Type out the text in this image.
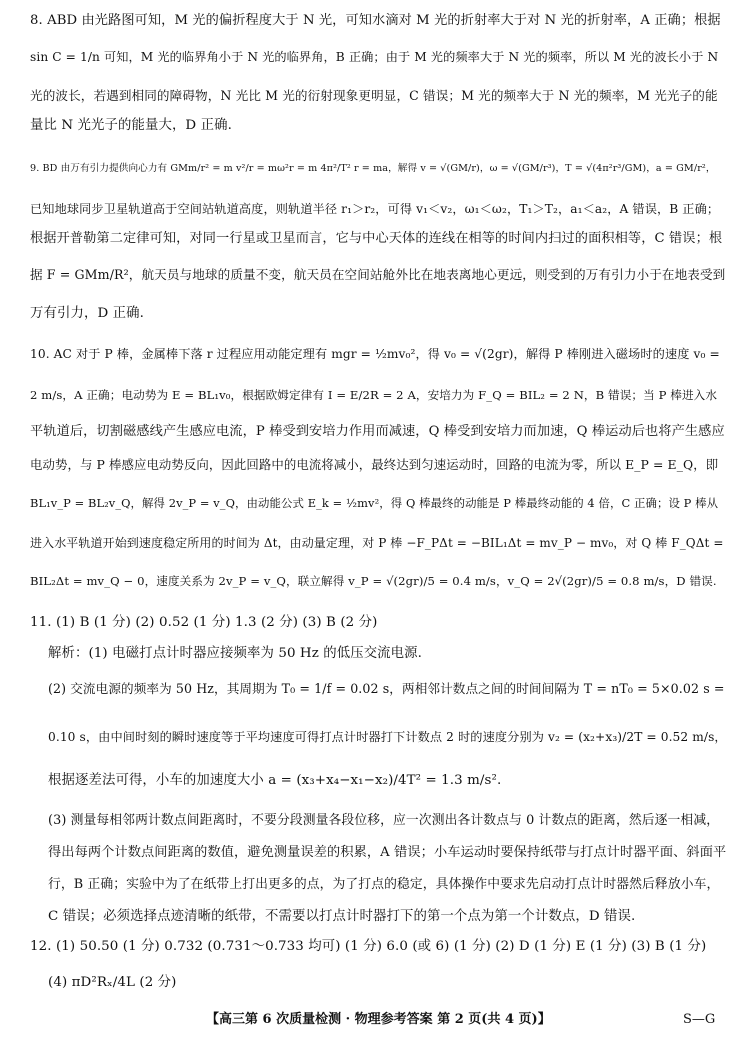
8. ABD 由光路图可知，M 光的偏折程度大于 N 光，可知水滴对 M 光的折射率大于对 N 光的折射率，A 正确；根据
sin C = 1/n 可知，M 光的临界角小于 N 光的临界角，B 正确；由于 M 光的频率大于 N 光的频率，所以 M 光的波长小于 N
光的波长，若遇到相同的障碍物，N 光比 M 光的衍射现象更明显，C 错误；M 光的频率大于 N 光的频率，M 光光子的能
量比 N 光光子的能量大，D 正确.
9. BD 由万有引力提供向心力有 GMm/r² = m v²/r = mω²r = m 4π²/T² r = ma，解得 v = √(GM/r)，ω = √(GM/r³)，T = √(4π²r³/GM)，a = GM/r²，
已知地球同步卫星轨道高于空间站轨道高度，则轨道半径 r₁＞r₂，可得 v₁＜v₂，ω₁＜ω₂，T₁＞T₂，a₁＜a₂，A 错误，B 正确；
根据开普勒第二定律可知，对同一行星或卫星而言，它与中心天体的连线在相等的时间内扫过的面积相等，C 错误；根
据 F = GMm/R²，航天员与地球的质量不变，航天员在空间站舱外比在地表离地心更远，则受到的万有引力小于在地表受到
万有引力，D 正确.
10. AC 对于 P 棒，金属棒下落 r 过程应用动能定理有 mgr = ½mv₀²，得 v₀ = √(2gr)，解得 P 棒刚进入磁场时的速度 v₀ =
2 m/s，A 正确；电动势为 E = BL₁v₀，根据欧姆定律有 I = E/2R = 2 A，安培力为 F_Q = BIL₂ = 2 N，B 错误；当 P 棒进入水
平轨道后，切割磁感线产生感应电流，P 棒受到安培力作用而减速，Q 棒受到安培力而加速，Q 棒运动后也将产生感应
电动势，与 P 棒感应电动势反向，因此回路中的电流将减小，最终达到匀速运动时，回路的电流为零，所以 E_P = E_Q，即
BL₁v_P = BL₂v_Q，解得 2v_P = v_Q，由动能公式 E_k = ½mv²，得 Q 棒最终的动能是 P 棒最终动能的 4 倍，C 正确；设 P 棒从
进入水平轨道开始到速度稳定所用的时间为 Δt，由动量定理，对 P 棒 −F_PΔt = −BIL₁Δt = mv_P − mv₀，对 Q 棒 F_QΔt =
BIL₂Δt = mv_Q − 0，速度关系为 2v_P = v_Q，联立解得 v_P = √(2gr)/5 = 0.4 m/s，v_Q = 2√(2gr)/5 = 0.8 m/s，D 错误.
11. (1) B (1 分) (2) 0.52 (1 分) 1.3 (2 分) (3) B (2 分)
解析：(1) 电磁打点计时器应接频率为 50 Hz 的低压交流电源.
(2) 交流电源的频率为 50 Hz，其周期为 T₀ = 1/f = 0.02 s，两相邻计数点之间的时间间隔为 T = nT₀ = 5×0.02 s =
0.10 s，由中间时刻的瞬时速度等于平均速度可得打点计时器打下计数点 2 时的速度分别为 v₂ = (x₂+x₃)/2T = 0.52 m/s，
根据逐差法可得，小车的加速度大小 a = (x₃+x₄−x₁−x₂)/4T² = 1.3 m/s².
(3) 测量每相邻两计数点间距离时，不要分段测量各段位移，应一次测出各计数点与 0 计数点的距离，然后逐一相减，
得出每两个计数点间距离的数值，避免测量误差的积累，A 错误；小车运动时要保持纸带与打点计时器平面、斜面平
行，B 正确；实验中为了在纸带上打出更多的点，为了打点的稳定，具体操作中要求先启动打点计时器然后释放小车，
C 错误；必须选择点迹清晰的纸带，不需要以打点计时器打下的第一个点为第一个计数点，D 错误.
12. (1) 50.50 (1 分) 0.732 (0.731～0.733 均可) (1 分) 6.0 (或 6) (1 分) (2) D (1 分) E (1 分) (3) B (1 分)
(4) πD²Rₓ/4L (2 分)
【高三第 6 次质量检测 · 物理参考答案 第 2 页(共 4 页)】	S—G
